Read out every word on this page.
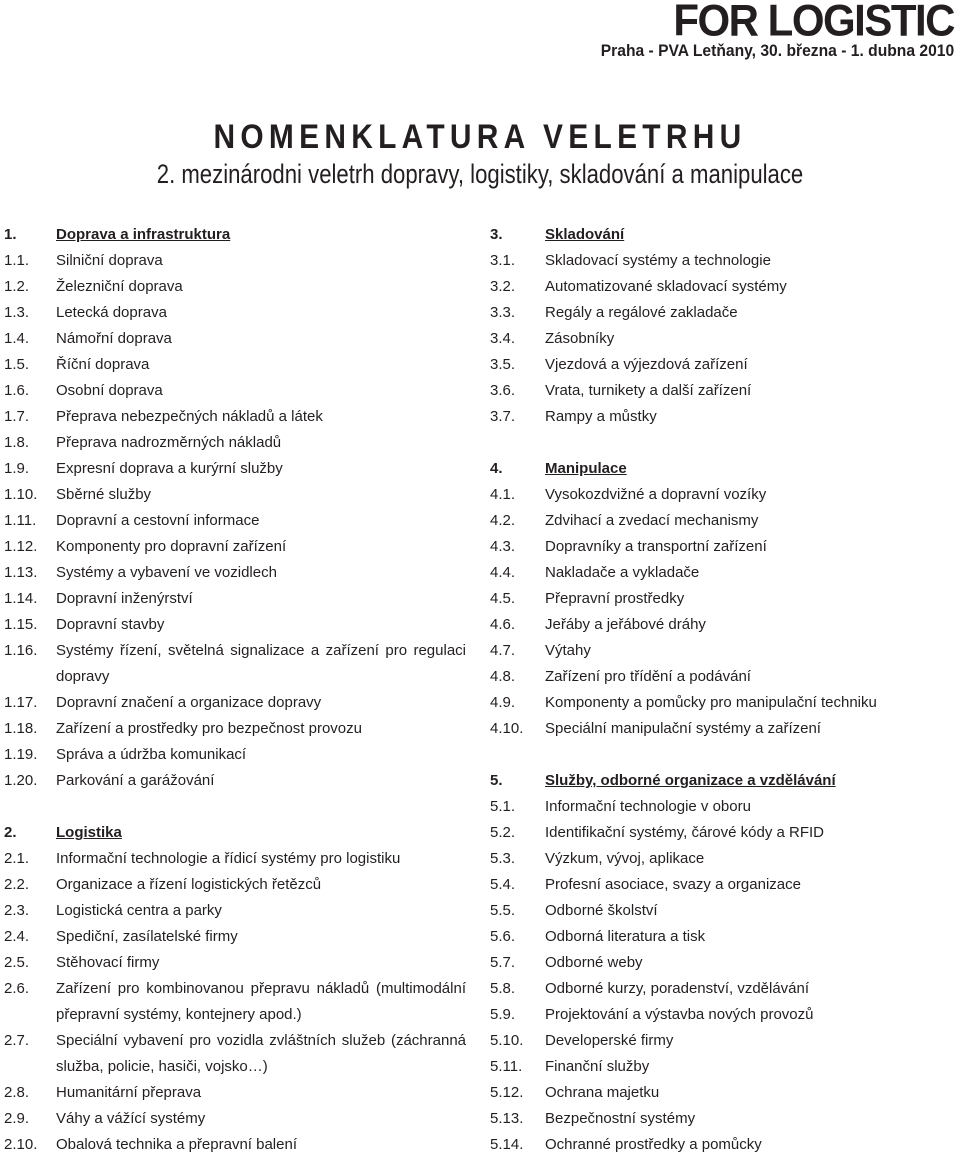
FOR LOGISTIC
Praha - PVA Letňany, 30. března - 1. dubna 2010
NOMENKLATURA VELETRHU
2. mezinárodni veletrh dopravy, logistiky, skladování a manipulace
1.	Doprava a infrastruktura
1.1.	Silniční doprava
1.2.	Železniční doprava
1.3.	Letecká doprava
1.4.	Námořní doprava
1.5.	Říční doprava
1.6.	Osobní doprava
1.7.	Přeprava nebezpečných nákladů a látek
1.8.	Přeprava nadrozměrných nákladů
1.9.	Expresní doprava a kurýrní služby
1.10.	Sběrné služby
1.11.	Dopravní a cestovní informace
1.12.	Komponenty pro dopravní zařízení
1.13.	Systémy a vybavení ve vozidlech
1.14.	Dopravní inženýrství
1.15.	Dopravní stavby
1.16.	Systémy řízení, světelná signalizace a zařízení pro regulaci dopravy
1.17.	Dopravní značení a organizace dopravy
1.18.	Zařízení a prostředky pro bezpečnost provozu
1.19.	Správa a údržba komunikací
1.20.	Parkování a garážování
2.	Logistika
2.1.	Informační technologie a řídicí systémy pro logistiku
2.2.	Organizace a řízení logistických řetězců
2.3.	Logistická centra a parky
2.4.	Spediční, zasílatelské firmy
2.5.	Stěhovací firmy
2.6.	Zařízení pro kombinovanou přepravu nákladů (multimodální přepravní systémy, kontejnery apod.)
2.7.	Speciální vybavení pro vozidla zvláštních služeb (záchranná služba, policie, hasiči, vojsko…)
2.8.	Humanitární přeprava
2.9.	Váhy a vážící systémy
2.10.	Obalová technika a přepravní balení
3.	Skladování
3.1.	Skladovací systémy a technologie
3.2.	Automatizované skladovací systémy
3.3.	Regály a regálové zakladače
3.4.	Zásobníky
3.5.	Vjezdová a výjezdová zařízení
3.6.	Vrata, turnikety a další zařízení
3.7.	Rampy a můstky
4.	Manipulace
4.1.	Vysokozdvižné a dopravní vozíky
4.2.	Zdvihací a zvedací mechanismy
4.3.	Dopravníky a transportní zařízení
4.4.	Nakladače a vykladače
4.5.	Přepravní prostředky
4.6.	Jeřáby a jeřábové dráhy
4.7.	Výtahy
4.8.	Zařízení pro třídění a podávání
4.9.	Komponenty a pomůcky pro manipulační techniku
4.10.	Speciální manipulační systémy a zařízení
5.	Služby, odborné organizace a vzdělávání
5.1.	Informační technologie v oboru
5.2.	Identifikační systémy, čárové kódy a RFID
5.3.	Výzkum, vývoj, aplikace
5.4.	Profesní asociace, svazy a organizace
5.5.	Odborné školství
5.6.	Odborná literatura a tisk
5.7.	Odborné weby
5.8.	Odborné kurzy, poradenství, vzdělávání
5.9.	Projektování a výstavba nových provozů
5.10.	Developerské firmy
5.11.	Finanční služby
5.12.	Ochrana majetku
5.13.	Bezpečnostní systémy
5.14.	Ochranné prostředky a pomůcky
